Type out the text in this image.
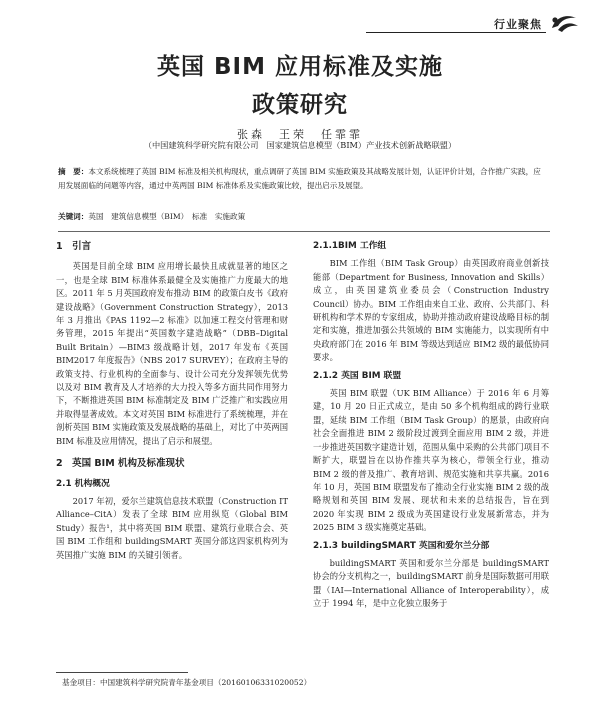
行业聚焦
英国 BIM 应用标准及实施
政策研究
张森　王荣　任霏霏
（中国建筑科学研究院有限公司　国家建筑信息模型（BIM）产业技术创新战略联盟）
摘　要：本文系统梳理了英国 BIM 标准及相关机构现状，重点调研了英国 BIM 实施政策及其战略发展计划，认证评价计划，合作推广实践，应用发展面临的问题等内容，通过中英两国 BIM 标准体系及实施政策比较，提出启示及展望。
关键词：英国　建筑信息模型（BIM）　标准　实施政策
1　引言

英国是目前全球 BIM 应用增长最快且成就显著的地区之一，也是全球 BIM 标准体系最健全及实施推广力度最大的地区。2011 年 5 月英国政府发布推动 BIM 的政策白皮书《政府建设战略》（Government Construction Strategy），2013 年 3 月推出《PAS 1192—2 标准》以加速工程交付管理和财务管理，2015 年提出“英国数字建造战略”（DBB–Digital Built Britain）—BIM3 级战略计划，2017 年发布《英国 BIM2017 年度报告》（NBS 2017 SURVEY）；在政府主导的政策支持、行业机构的全面参与、设计公司充分发挥领先优势以及对 BIM 教育及人才培养的大力投入等多方面共同作用努力下，不断推进英国 BIM 标准制定及 BIM 广泛推广和实践应用并取得显著成效。本文对英国 BIM 标准进行了系统梳理，并在剖析英国 BIM 实施政策及发展战略的基础上，对比了中英两国 BIM 标准及应用情况，提出了启示和展望。

2　英国 BIM 机构及标准现状
2.1 机构概况

2017 年初，爱尔兰建筑信息技术联盟（Construction IT Alliance–CitA）发表了全球 BIM 应用纵览（Global BIM Study）报告¹，其中将英国 BIM 联盟、建筑行业联合会、英国 BIM 工作组和 buildingSMART 英国分部这四家机构列为英国推广实施 BIM 的关键引领者。

2.1.1BIM 工作组

BIM 工作组（BIM Task Group）由英国政府商业创新技能部（Department for Business, Innovation and Skills）成立，由英国建筑业委员会（Construction Industry Council）协办。BIM 工作组由来自工业、政府、公共部门、科研机构和学术界的专家组成，协助并推动政府建设战略目标的制定和实施，推进加强公共领域的 BIM 实施能力，以实现所有中央政府部门在 2016 年 BIM 等级达到适应 BIM2 级的最低协同要求。

2.1.2 英国 BIM 联盟

英国 BIM 联盟（UK BIM Alliance）于 2016 年 6 月筹建，10 月 20 日正式成立，是由 50 多个机构组成的跨行业联盟，延续 BIM 工作组（BIM Task Group）的愿景，由政府向社会全面推进 BIM 2 级阶段过渡到全面应用 BIM 2 级，并进一步推进英国数字建造计划，范围从集中采购的公共部门项目不断扩大，联盟旨在以协作推共享为核心，带领全行业，推动 BIM 2 级的普及推广、教育培训、规范实施和共享共赢。2016 年 10 月，英国 BIM 联盟发布了推动全行业实施 BIM 2 级的战略规划和英国 BIM 发展、现状和未来的总结报告，旨在到 2020 年实现 BIM 2 级成为英国建设行业发展新常态，并为 2025 BIM 3 级实施奠定基础。

2.1.3 buildingSMART 英国和爱尔兰分部

buildingSMART 英国和爱尔兰分部是 buildingSMART 协会的分支机构之一，buildingSMART 前身是国际数据可用联盟（IAI—International Alliance of Interoperability），成立于 1994 年，是中立化独立服务于

基金项目：中国建筑科学研究院青年基金项目（20160106331020052）
